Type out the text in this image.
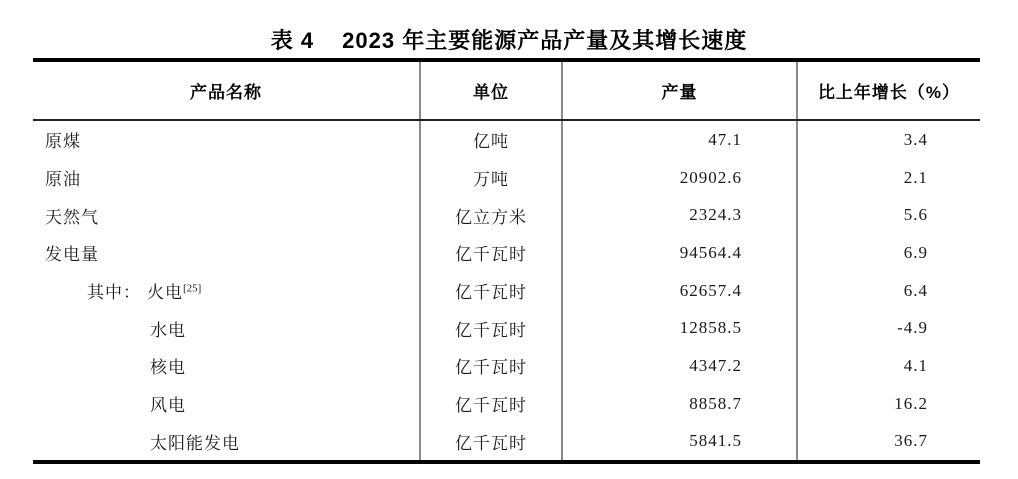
表 4 2023 年主要能源产品产量及其增长速度
产品名称	单位	产量	比上年增长（%）
原煤	亿吨	47.1	3.4
原油	万吨	20902.6	2.1
天然气	亿立方米	2324.3	5.6
发电量	亿千瓦时	94564.4	6.9
其中： 火电[25]	亿千瓦时	62657.4	6.4
水电	亿千瓦时	12858.5	-4.9
核电	亿千瓦时	4347.2	4.1
风电	亿千瓦时	8858.7	16.2
太阳能发电	亿千瓦时	5841.5	36.7
